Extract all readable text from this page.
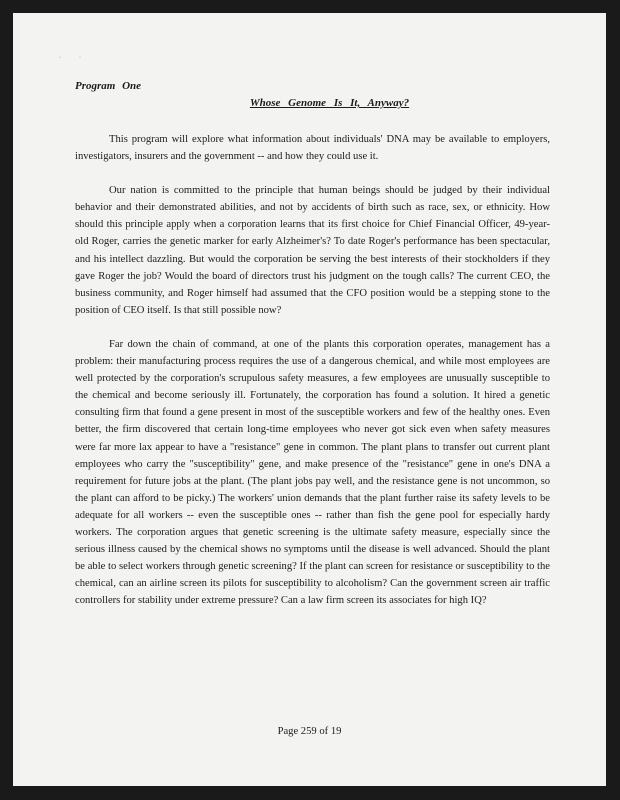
·            ·
Program One
Whose Genome Is It, Anyway?

This program will explore what information about individuals' DNA may be available to employers, investigators, insurers and the government -- and how they could use it.

Our nation is committed to the principle that human beings should be judged by their individual behavior and their demonstrated abilities, and not by accidents of birth such as race, sex, or ethnicity. How should this principle apply when a corporation learns that its first choice for Chief Financial Officer, 49-year-old Roger, carries the genetic marker for early Alzheimer's? To date Roger's performance has been spectacular, and his intellect dazzling. But would the corporation be serving the best interests of their stockholders if they gave Roger the job? Would the board of directors trust his judgment on the tough calls? The current CEO, the business community, and Roger himself had assumed that the CFO position would be a stepping stone to the position of CEO itself. Is that still possible now?

Far down the chain of command, at one of the plants this corporation operates, management has a problem: their manufacturing process requires the use of a dangerous chemical, and while most employees are well protected by the corporation's scrupulous safety measures, a few employees are unusually susceptible to the chemical and become seriously ill. Fortunately, the corporation has found a solution. It hired a genetic consulting firm that found a gene present in most of the susceptible workers and few of the healthy ones. Even better, the firm discovered that certain long-time employees who never got sick even when safety measures were far more lax appear to have a "resistance" gene in common. The plant plans to transfer out current plant employees who carry the "susceptibility" gene, and make presence of the "resistance" gene in one's DNA a requirement for future jobs at the plant. (The plant jobs pay well, and the resistance gene is not uncommon, so the plant can afford to be picky.) The workers' union demands that the plant further raise its safety levels to be adequate for all workers -- even the susceptible ones -- rather than fish the gene pool for especially hardy workers. The corporation argues that genetic screening is the ultimate safety measure, especially since the serious illness caused by the chemical shows no symptoms until the disease is well advanced. Should the plant be able to select workers through genetic screening? If the plant can screen for resistance or susceptibility to the chemical, can an airline screen its pilots for susceptibility to alcoholism? Can the government screen air traffic controllers for stability under extreme pressure? Can a law firm screen its associates for high IQ?

Page 259 of 19
